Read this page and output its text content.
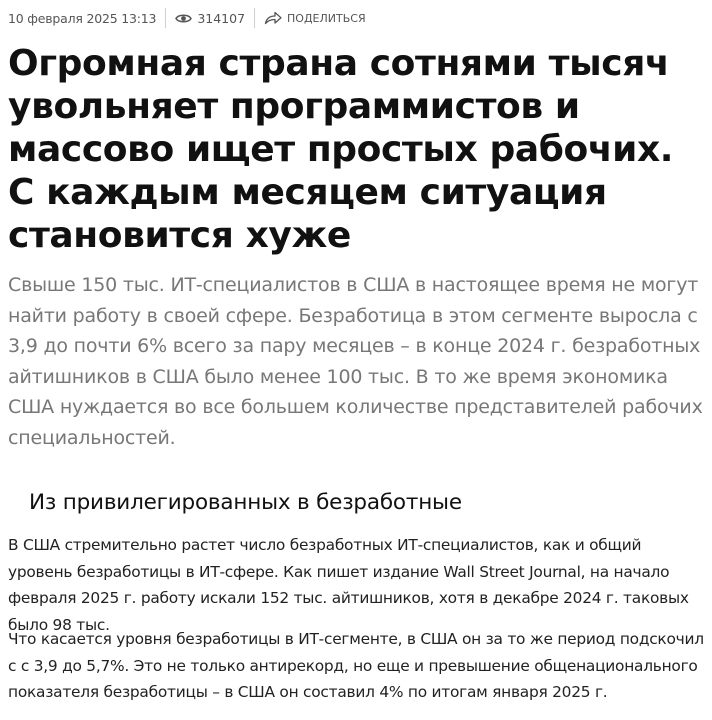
10 февраля 2025 13:13	314107	ПОДЕЛИТЬСЯ
Огромная страна сотнями тысяч увольняет программистов и массово ищет простых рабочих. С каждым месяцем ситуация становится хуже

Свыше 150 тыс. ИТ-специалистов в США в настоящее время не могут найти работу в своей сфере. Безработица в этом сегменте выросла с 3,9 до почти 6% всего за пару месяцев – в конце 2024 г. безработных айтишников в США было менее 100 тыс. В то же время экономика США нуждается во все большем количестве представителей рабочих специальностей.

Из привилегированных в безработные

В США стремительно растет число безработных ИТ-специалистов, как и общий уровень безработицы в ИТ-сфере. Как пишет издание Wall Street Journal, на начало февраля 2025 г. работу искали 152 тыс. айтишников, хотя в декабре 2024 г. таковых было 98 тыс.

Что касается уровня безработицы в ИТ-сегменте, в США он за то же период подскочил с с 3,9 до 5,7%. Это не только антирекорд, но еще и превышение общенационального показателя безработицы – в США он составил 4% по итогам января 2025 г.
